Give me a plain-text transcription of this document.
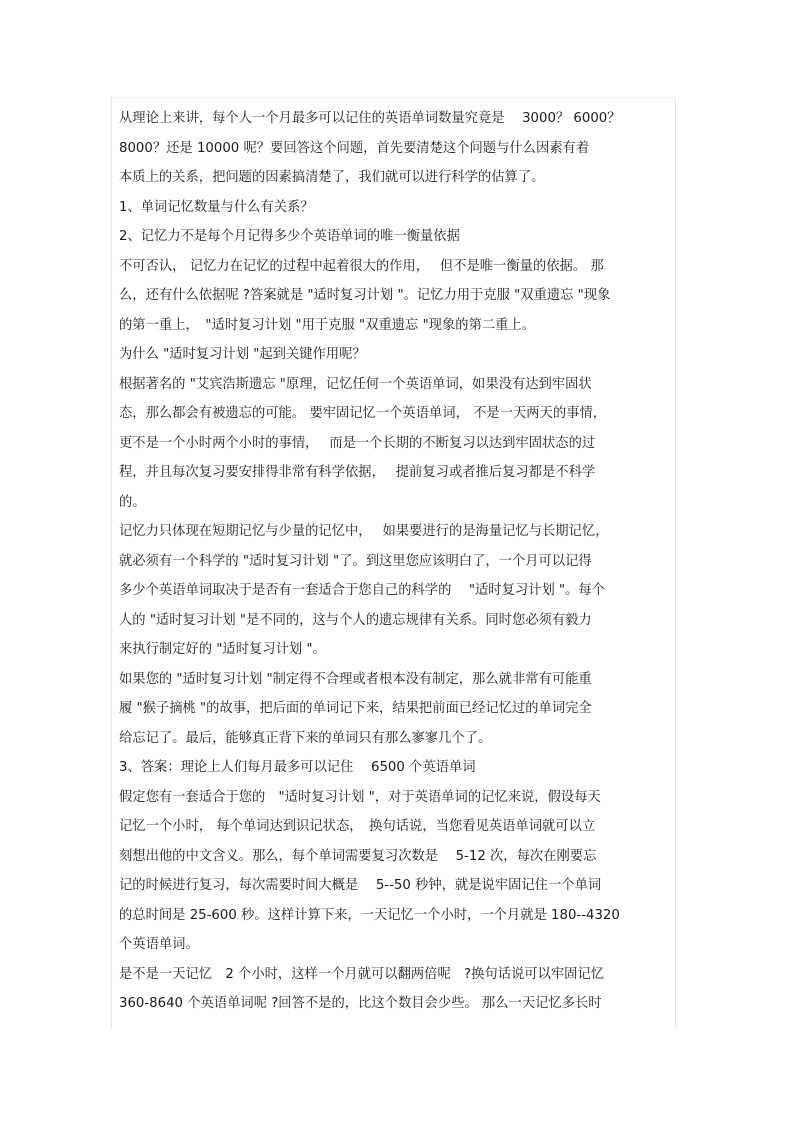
从理论上来讲，每个人一个月最多可以记住的英语单词数量究竟是　 3000？ 6000？
8000？还是 10000 呢？要回答这个问题，首先要清楚这个问题与什么因素有着
本质上的关系，把问题的因素搞清楚了，我们就可以进行科学的估算了。
1、单词记忆数量与什么有关系？
2、记忆力不是每个月记得多少个英语单词的唯一衡量依据
不可否认， 记忆力在记忆的过程中起着很大的作用，　 但不是唯一衡量的依据。 那
么，还有什么依据呢 ?答案就是 "适时复习计划 "。记忆力用于克服 "双重遗忘 "现象
的第一重上，　"适时复习计划 "用于克服 "双重遗忘 "现象的第二重上。
为什么 "适时复习计划 "起到关键作用呢？
根据著名的 "艾宾浩斯遗忘 "原理，记忆任何一个英语单词，如果没有达到牢固状
态，那么都会有被遗忘的可能。 要牢固记忆一个英语单词， 不是一天两天的事情，
更不是一个小时两个小时的事情，　 而是一个长期的不断复习以达到牢固状态的过
程，并且每次复习要安排得非常有科学依据，　 提前复习或者推后复习都是不科学
的。
记忆力只体现在短期记忆与少量的记忆中，　 如果要进行的是海量记忆与长期记忆，
就必须有一个科学的 "适时复习计划 "了。到这里您应该明白了，一个月可以记得
多少个英语单词取决于是否有一套适合于您自己的科学的　 "适时复习计划 "。每个
人的 "适时复习计划 "是不同的，这与个人的遗忘规律有关系。同时您必须有毅力
来执行制定好的 "适时复习计划 "。
如果您的 "适时复习计划 "制定得不合理或者根本没有制定，那么就非常有可能重
履 "猴子摘桃 "的故事，把后面的单词记下来，结果把前面已经记忆过的单词完全
给忘记了。最后，能够真正背下来的单词只有那么寥寥几个了。
3、答案：理论上人们每月最多可以记住　 6500 个英语单词
假定您有一套适合于您的　"适时复习计划 "，对于英语单词的记忆来说，假设每天
记忆一个小时， 每个单词达到识记状态，　换句话说，当您看见英语单词就可以立
刻想出他的中文含义。那么，每个单词需要复习次数是　 5-12 次，每次在刚要忘
记的时候进行复习，每次需要时间大概是　 5--50 秒钟，就是说牢固记住一个单词
的总时间是 25-600 秒。这样计算下来，一天记忆一个小时，一个月就是 180--4320
个英语单词。
是不是一天记忆　2 个小时，这样一个月就可以翻两倍呢　?换句话说可以牢固记忆
360-8640 个英语单词呢 ?回答不是的，比这个数目会少些。 那么一天记忆多长时
